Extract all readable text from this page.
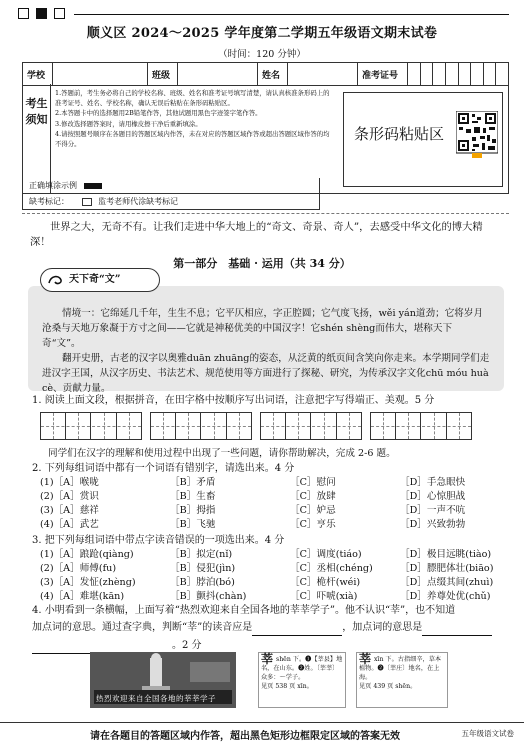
顺义区 2024～2025 学年度第二学期五年级语文期末试卷
（时间：120 分钟）
学校		班级		姓名		准考证号	
考生须知
1.答题前，考生务必将自己的学校名称、班级、姓名和准考证号填写清楚，请认真核准条形码上的准考证号、姓名、学校名称，确认无误后粘贴在条形码粘贴区。
2.本答题卡中的选择题用2B铅笔作答，其他试题用黑色字迹签字笔作答。
3.修改选择题答案时，请用橡皮擦干净后重新填涂。
4.请按照题号顺序在各题目的答题区域内作答，未在对应的答题区域作答或超出答题区域作答的均不得分。
条形码粘贴区
正确填涂示例
缺考标记：	监考老师代涂缺考标记
世界之大，无奇不有。让我们走进中华大地上的“奇文、奇景、奇人”，去感受中华文化的博大精深！
第一部分　基础 · 运用（共 34 分）
天下奇“文”
情境一：它绵延几千年，生生不息；它平仄相应，字正腔圆；它气度飞扬，wěi yán道劲；它将岁月沧桑与天地万象凝于方寸之间——它就是神秘优美的中国汉字！它shén shèng而伟大，堪称天下奇“文”。
翻开史册，古老的汉字以奥雅duān zhuāng的姿态，从泛黄的纸页间含笑向你走来。本学期同学们走进汉字王国，从汉字历史、书法艺术、规范使用等方面进行了探秘、研究，为传承汉字文化chū móu huà cè、贡献力量。
1. 阅读上面文段，根据拼音，在田字格中按顺序写出词语，注意把字写得端正、美观。5 分
同学们在汉字的理解和使用过程中出现了一些问题，请你帮助解决，完成 2-6 题。
2. 下列每组词语中都有一个词语有错别字，请选出来。4 分
(1)［A］喉咙	［B］矛盾	［C］慰问	［D］手急眼快
(2)［A］赏识	［B］生畜	［C］放肆	［D］心惊胆战
(3)［A］慈祥	［B］拇指	［C］妒忌	［D］一声不吭
(4)［A］武艺	［B］飞驰	［C］亨乐	［D］兴致勃勃
3. 把下列每组词语中带点字读音错误的一项选出来。4 分
(1)［A］踉跄(qiàng)	［B］拟定(nǐ)	［C］调度(tiáo)	［D］极目远眺(tiào)
(2)［A］师傅(fu)	［B］侵犯(jìn)	［C］丞相(chéng)	［D］膘肥体壮(biāo)
(3)［A］发怔(zhèng)	［B］脖泊(bó)	［C］桅杆(wéi)	［D］点缀其间(zhuì)
(4)［A］难堪(kān)	［B］颤抖(chàn)	［C］吓唬(xià)	［D］养尊处优(chǔ)
4. 小明看到一条横幅，上面写着“热烈欢迎来自全国各地的莘莘学子”。他不认识“莘”，也不知道
加点词的意思。通过查字典，判断“莘”的读音应是	，加点词的意思是
。2 分
热烈欢迎来自全国各地的莘莘学子
莘 shēn 下。❶【莘县】地名，在山东。❷姓。〔莘莘〕众多：～学子。
见页 538 页 xīn。
莘 xīn 下。古指细辛，草本植物。❷〔莘庄〕地名，在上海。
见页 439 页 shēn。
请在各题目的答题区域内作答，超出黑色矩形边框限定区域的答案无效	五年级语文试卷
